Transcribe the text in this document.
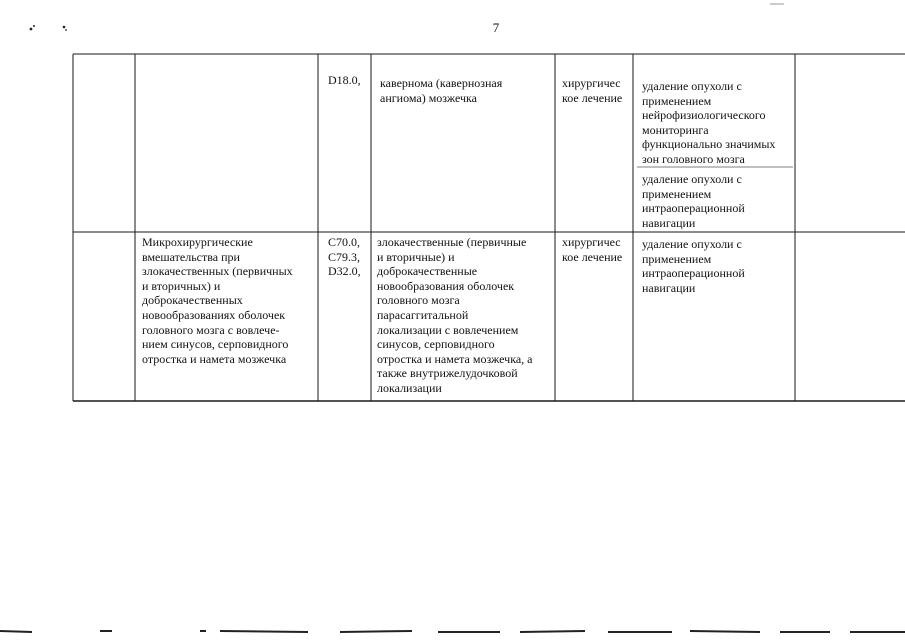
7
D18.0,	кавернома (кавернозная
ангиома) мозжечка
хирургичес
кое лечение
удаление опухоли с
применением
нейрофизиологического
мониторинга
функционально значимых
зон головного мозга
удаление опухоли с
применением
интраоперационной
навигации
Микрохирургические
вмешательства при
злокачественных (первичных
и вторичных) и
доброкачественных
новообразованиях оболочек
головного мозга с вовлече-
нием синусов, серповидного
отростка и намета мозжечка
C70.0,
C79.3,
D32.0,
злокачественные (первичные
и вторичные) и
доброкачественные
новообразования оболочек
головного мозга
парасаггитальной
локализации с вовлечением
синусов, серповидного
отростка и намета мозжечка, а
также внутрижелудочковой
локализации
хирургичес
кое лечение
удаление опухоли с
применением
интраоперационной
навигации
